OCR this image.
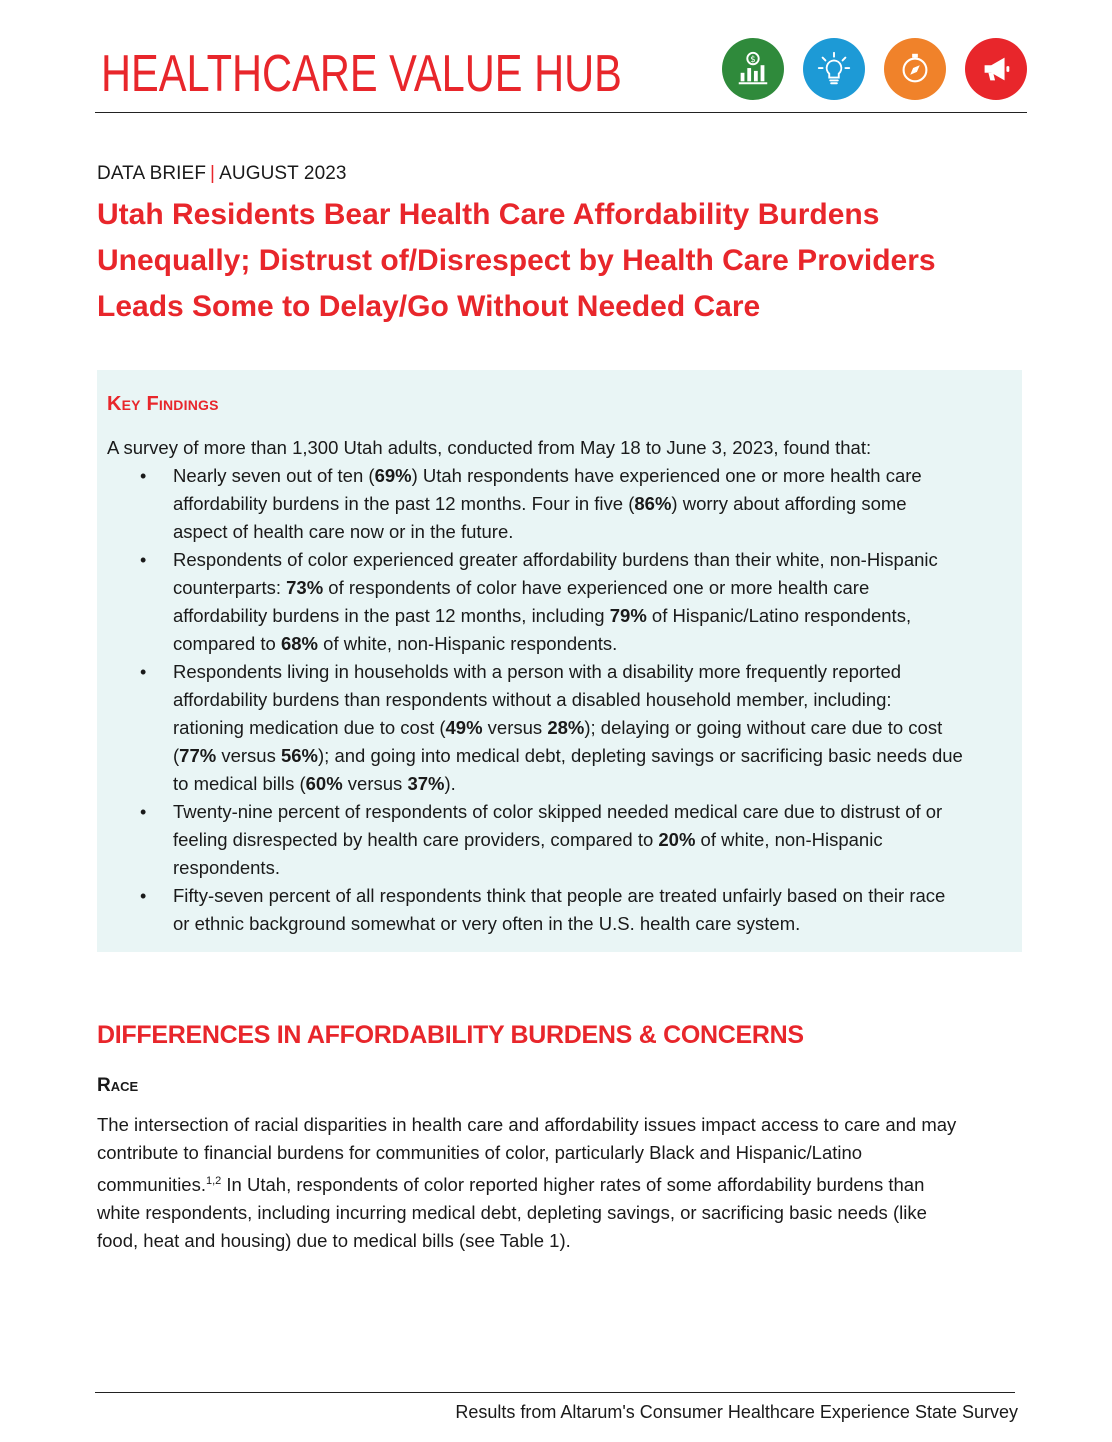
HEALTHCARE VALUE HUB	$
DATA BRIEF | AUGUST 2023
Utah Residents Bear Health Care Affordability Burdens
Unequally; Distrust of/Disrespect by Health Care Providers
Leads Some to Delay/Go Without Needed Care
Key Findings
A survey of more than 1,300 Utah adults, conducted from May 18 to June 3, 2023, found that:
• Nearly seven out of ten (69%) Utah respondents have experienced one or more health care
affordability burdens in the past 12 months. Four in five (86%) worry about affording some
aspect of health care now or in the future.
• Respondents of color experienced greater affordability burdens than their white, non-Hispanic
counterparts: 73% of respondents of color have experienced one or more health care
affordability burdens in the past 12 months, including 79% of Hispanic/Latino respondents,
compared to 68% of white, non-Hispanic respondents.
• Respondents living in households with a person with a disability more frequently reported
affordability burdens than respondents without a disabled household member, including:
rationing medication due to cost (49% versus 28%); delaying or going without care due to cost
(77% versus 56%); and going into medical debt, depleting savings or sacrificing basic needs due
to medical bills (60% versus 37%).
• Twenty-nine percent of respondents of color skipped needed medical care due to distrust of or
feeling disrespected by health care providers, compared to 20% of white, non-Hispanic
respondents.
• Fifty-seven percent of all respondents think that people are treated unfairly based on their race
or ethnic background somewhat or very often in the U.S. health care system.
DIFFERENCES IN AFFORDABILITY BURDENS & CONCERNS
Race
The intersection of racial disparities in health care and affordability issues impact access to care and may
contribute to financial burdens for communities of color, particularly Black and Hispanic/Latino
communities.$^{1,2}$ In Utah, respondents of color reported higher rates of some affordability burdens than
white respondents, including incurring medical debt, depleting savings, or sacrificing basic needs (like
food, heat and housing) due to medical bills (see Table 1).
Results from Altarum's Consumer Healthcare Experience State Survey
